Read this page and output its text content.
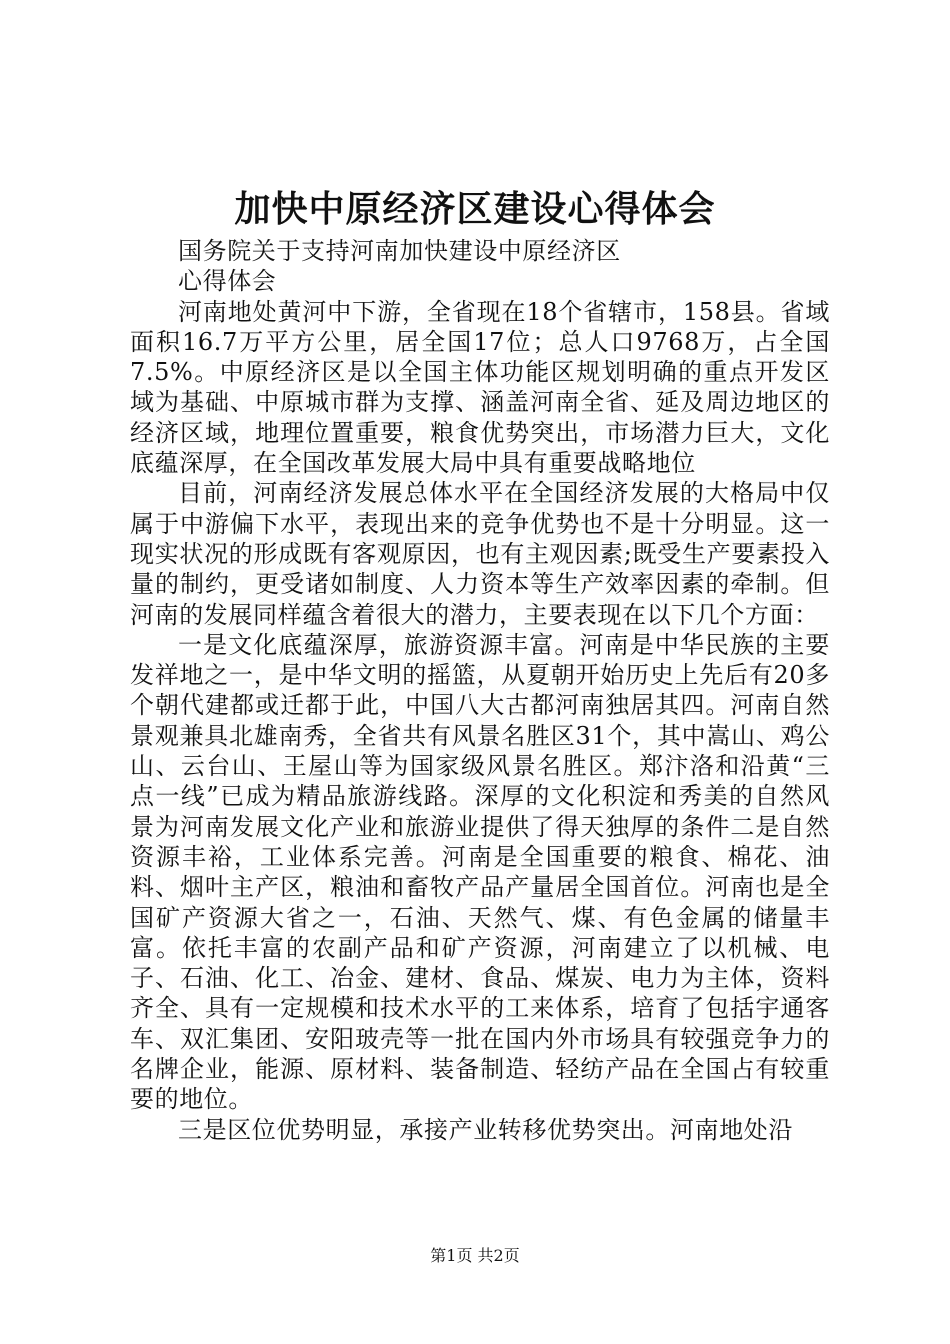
加快中原经济区建设心得体会

国务院关于支持河南加快建设中原经济区

心得体会

河南地处黄河中下游，全省现在18个省辖市，158县。省域面积16.7万平方公里，居全国17位；总人口9768万，占全国7.5%。中原经济区是以全国主体功能区规划明确的重点开发区域为基础、中原城市群为支撑、涵盖河南全省、延及周边地区的经济区域，地理位置重要，粮食优势突出，市场潜力巨大，文化底蕴深厚，在全国改革发展大局中具有重要战略地位

目前，河南经济发展总体水平在全国经济发展的大格局中仅属于中游偏下水平，表现出来的竞争优势也不是十分明显。这一现实状况的形成既有客观原因，也有主观因素;既受生产要素投入量的制约，更受诸如制度、人力资本等生产效率因素的牵制。但河南的发展同样蕴含着很大的潜力，主要表现在以下几个方面：

一是文化底蕴深厚，旅游资源丰富。河南是中华民族的主要发祥地之一，是中华文明的摇篮，从夏朝开始历史上先后有20多个朝代建都或迁都于此，中国八大古都河南独居其四。河南自然景观兼具北雄南秀，全省共有风景名胜区31个，其中嵩山、鸡公山、云台山、王屋山等为国家级风景名胜区。郑汴洛和沿黄“三点一线”已成为精品旅游线路。深厚的文化积淀和秀美的自然风景为河南发展文化产业和旅游业提供了得天独厚的条件二是自然资源丰裕，工业体系完善。河南是全国重要的粮食、棉花、油料、烟叶主产区，粮油和畜牧产品产量居全国首位。河南也是全国矿产资源大省之一，石油、天然气、煤、有色金属的储量丰富。依托丰富的农副产品和矿产资源，河南建立了以机械、电子、石油、化工、冶金、建材、食品、煤炭、电力为主体，资料齐全、具有一定规模和技术水平的工来体系，培育了包括宇通客车、双汇集团、安阳玻壳等一批在国内外市场具有较强竞争力的名牌企业，能源、原材料、装备制造、轻纺产品在全国占有较重要的地位。

三是区位优势明显，承接产业转移优势突出。河南地处沿

第1页 共2页
